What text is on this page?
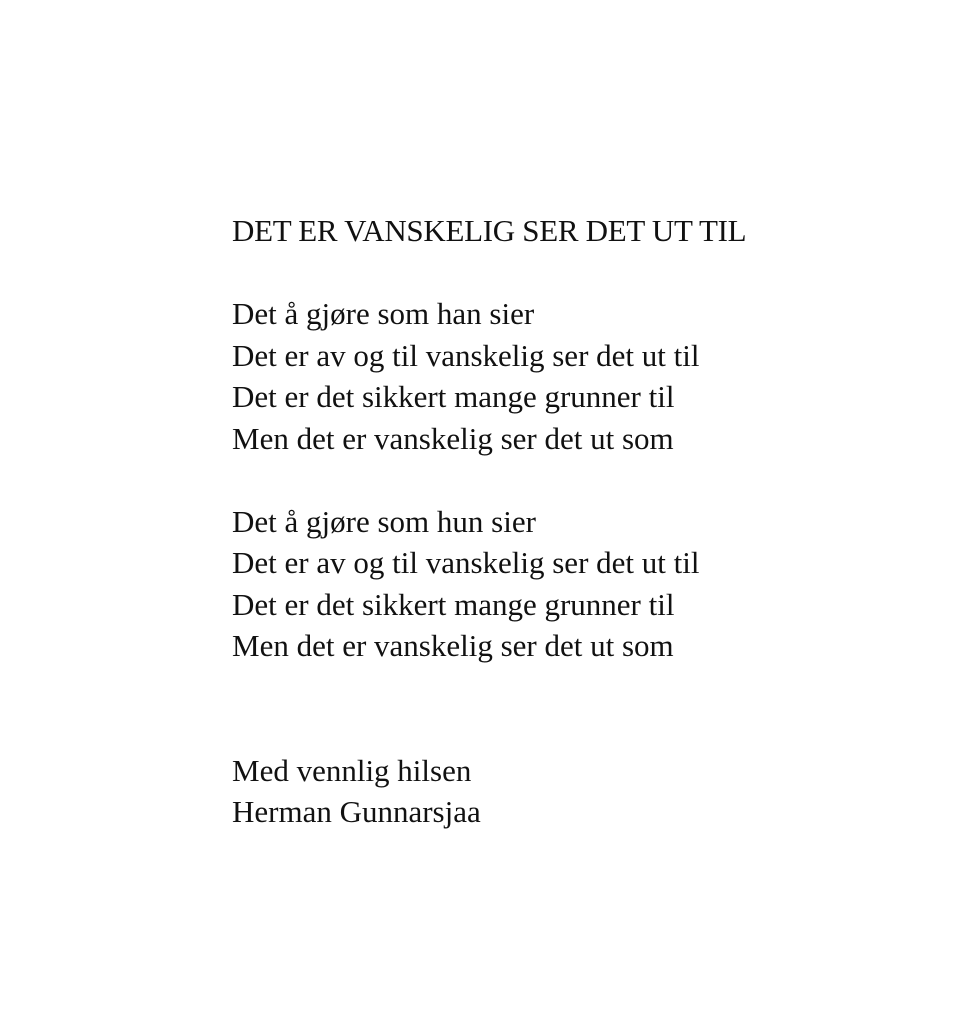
DET ER VANSKELIG SER DET UT TIL
Det å gjøre som han sier
Det er av og til vanskelig ser det ut til
Det er det sikkert mange grunner til
Men det er vanskelig ser det ut som
Det å gjøre som hun sier
Det er av og til vanskelig ser det ut til
Det er det sikkert mange grunner til
Men det er vanskelig ser det ut som
Med vennlig hilsen
Herman Gunnarsjaa
